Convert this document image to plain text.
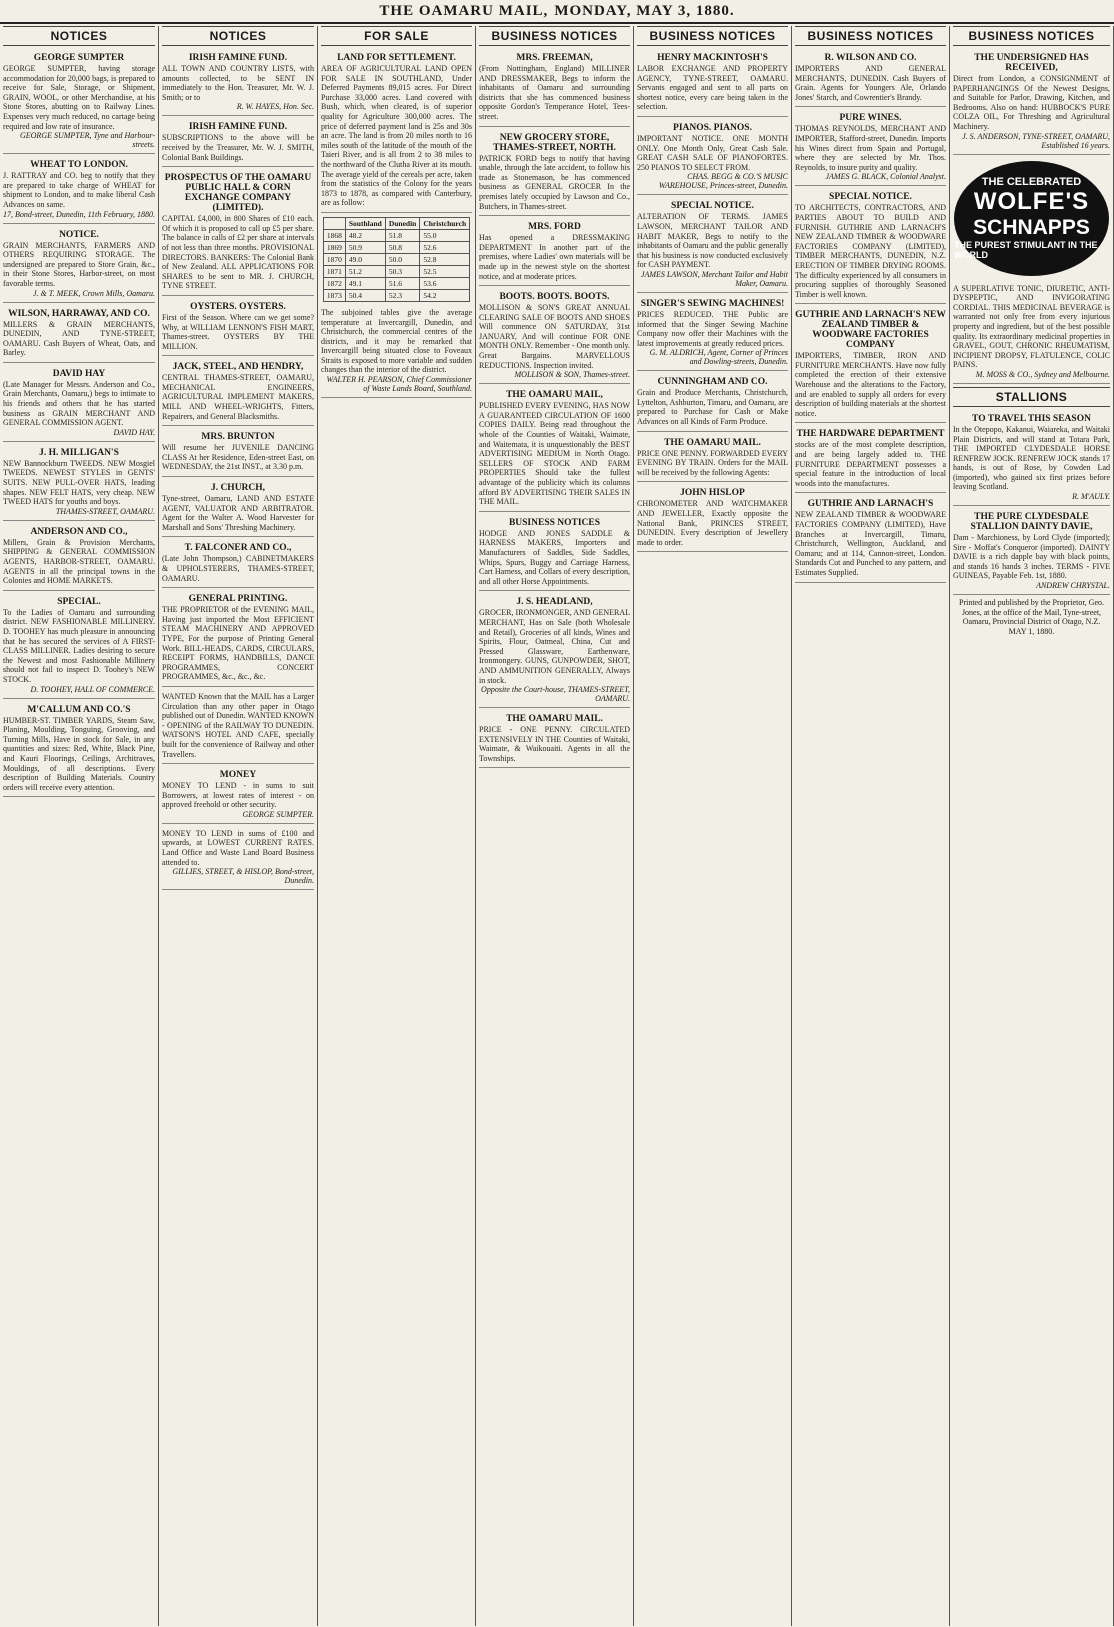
THE OAMARU MAIL, MONDAY, MAY 3, 1880.
NOTICES
GEORGE SUMPTER
GEORGE SUMPTER, having storage accommodation for 20,000 bags, is prepared to receive for Sale, Storage, or Shipment, GRAIN, WOOL, or other Merchandise, at his Stone Stores, abutting on to Railway Lines. Expenses very much reduced, no cartage being required and low rate of insurance.
GEORGE SUMPTER, Tyne and Harbour-streets.
WHEAT TO LONDON.
J. RATTRAY and CO. beg to notify that they are prepared to take charge of WHEAT for shipment to London, and to make liberal Cash Advances on same.
17, Bond-street, Dunedin, 11th February, 1880.
NOTICE.
GRAIN MERCHANTS, FARMERS AND OTHERS REQUIRING STORAGE. The undersigned are prepared to Store Grain, &c., in their Stone Stores, Harbor-street, on most favorable terms.
J. & T. MEEK, Crown Mills, Oamaru.
WILSON, HARRAWAY, AND CO.
MILLERS & GRAIN MERCHANTS, DUNEDIN, AND TYNE-STREET, OAMARU. Cash Buyers of Wheat, Oats, and Barley.
DAVID HAY
(Late Manager for Messrs. Anderson and Co., Grain Merchants, Oamaru,) begs to intimate to his friends and others that he has started business as GRAIN MERCHANT AND GENERAL COMMISSION AGENT.
DAVID HAY.
J. H. MILLIGAN'S
NEW Bannockburn TWEEDS. NEW Mosgiel TWEEDS. NEWEST STYLES in GENTS' SUITS. NEW PULL-OVER HATS, leading shapes. NEW FELT HATS, very cheap. NEW TWEED HATS for youths and boys.
THAMES-STREET, OAMARU.
ANDERSON AND CO.,
Millers, Grain & Provision Merchants, SHIPPING & GENERAL COMMISSION AGENTS, HARBOR-STREET, OAMARU. AGENTS in all the principal towns in the Colonies and HOME MARKETS.
SPECIAL.
To the Ladies of Oamaru and surrounding district. NEW FASHIONABLE MILLINERY. D. TOOHEY has much pleasure in announcing that he has secured the services of A FIRST-CLASS MILLINER. Ladies desiring to secure the Newest and most Fashionable Millinery should not fail to inspect D. Toohey's NEW STOCK.
D. TOOHEY, HALL OF COMMERCE.
M'CALLUM AND CO.'S
HUMBER-ST. TIMBER YARDS, Steam Saw, Planing, Moulding, Tonguing, Grooving, and Turning Mills, Have in stock for Sale, in any quantities and sizes: Red, White, Black Pine, and Kauri Floorings, Ceilings, Architraves, Mouldings, of all descriptions. Every description of Building Materials. Country orders will receive every attention.
NOTICES
IRISH FAMINE FUND.
ALL TOWN AND COUNTRY LISTS, with amounts collected, to be SENT IN immediately to the Hon. Treasurer, Mr. W. J. Smith; or to
R. W. HAYES, Hon. Sec.
IRISH FAMINE FUND.
SUBSCRIPTIONS to the above will be received by the Treasurer, Mr. W. J. SMITH, Colonial Bank Buildings.
PROSPECTUS OF THE OAMARU PUBLIC HALL & CORN EXCHANGE COMPANY (LIMITED).
CAPITAL £4,000, in 800 Shares of £10 each. Of which it is proposed to call up £5 per share. The balance in calls of £2 per share at intervals of not less than three months. PROVISIONAL DIRECTORS. BANKERS: The Colonial Bank of New Zealand. ALL APPLICATIONS FOR SHARES to be sent to MR. J. CHURCH, TYNE STREET.
OYSTERS. OYSTERS.
First of the Season. Where can we get some? Why, at WILLIAM LENNON'S FISH MART, Thames-street. OYSTERS BY THE MILLION.
JACK, STEEL, AND HENDRY,
CENTRAL THAMES-STREET, OAMARU, MECHANICAL ENGINEERS, AGRICULTURAL IMPLEMENT MAKERS, MILL AND WHEEL-WRIGHTS, Fitters, Repairers, and General Blacksmiths.
MRS. BRUNTON
Will resume her JUVENILE DANCING CLASS At her Residence, Eden-street East, on WEDNESDAY, the 21st INST., at 3.30 p.m.
J. CHURCH,
Tyne-street, Oamaru, LAND AND ESTATE AGENT, VALUATOR AND ARBITRATOR. Agent for the Walter A. Wood Harvester for Marshall and Sons' Threshing Machinery.
T. FALCONER AND CO.,
(Late John Thompson,) CABINETMAKERS & UPHOLSTERERS, THAMES-STREET, OAMARU.
GENERAL PRINTING.
THE PROPRIETOR of the EVENING MAIL, Having just imported the Most EFFICIENT STEAM MACHINERY AND APPROVED TYPE, For the purpose of Printing General Work. BILL-HEADS, CARDS, CIRCULARS, RECEIPT FORMS, HANDBILLS, DANCE PROGRAMMES, CONCERT PROGRAMMES, &c., &c., &c.
WANTED Known that the MAIL has a Larger Circulation than any other paper in Otago published out of Dunedin. WANTED KNOWN - OPENING of the RAILWAY TO DUNEDIN. WATSON'S HOTEL AND CAFE, specially built for the convenience of Railway and other Travellers.
MONEY
MONEY TO LEND - in sums to suit Borrowers, at lowest rates of interest - on approved freehold or other security.
GEORGE SUMPTER.
MONEY TO LEND in sums of £100 and upwards, at LOWEST CURRENT RATES. Land Office and Waste Land Board Business attended to.
GILLIES, STREET, & HISLOP, Bond-street, Dunedin.
FOR SALE
LAND FOR SETTLEMENT.
AREA OF AGRICULTURAL LAND OPEN FOR SALE IN SOUTHLAND, Under Deferred Payments 89,015 acres. For Direct Purchase 33,000 acres. Land covered with Bush, which, when cleared, is of superior quality for Agriculture 300,000 acres. The price of deferred payment land is 25s and 30s an acre. The land is from 20 miles north to 16 miles south of the latitude of the mouth of the Taieri River, and is all from 2 to 38 miles to the northward of the Clutha River at its mouth. The average yield of the cereals per acre, taken from the statistics of the Colony for the years 1873 to 1878, as compared with Canterbury, are as follow:
	Southland	Dunedin	Christchurch
1868	48.2	51.8	55.0
1869	50.9	50.8	52.6
1870	49.0	50.0	52.8
1871	51.2	50.3	52.5
1872	49.1	51.6	53.6
1873	50.4	52.3	54.2
The subjoined tables give the average temperature at Invercargill, Dunedin, and Christchurch, the commercial centres of the districts, and it may be remarked that Invercargill being situated close to Foveaux Straits is exposed to more variable and sudden changes than the interior of the district.
WALTER H. PEARSON, Chief Commissioner of Waste Lands Board, Southland.
BUSINESS NOTICES
MRS. FREEMAN,
(From Nottingham, England) MILLINER AND DRESSMAKER, Begs to inform the inhabitants of Oamaru and surrounding districts that she has commenced business opposite Gordon's Temperance Hotel, Tees-street.
NEW GROCERY STORE, THAMES-STREET, NORTH.
PATRICK FORD begs to notify that having unable, through the late accident, to follow his trade as Stonemason, he has commenced business as GENERAL GROCER In the premises lately occupied by Lawson and Co., Butchers, in Thames-street.
MRS. FORD
Has opened a DRESSMAKING DEPARTMENT In another part of the premises, where Ladies' own materials will be made up in the newest style on the shortest notice, and at moderate prices.
BOOTS. BOOTS. BOOTS.
MOLLISON & SON'S GREAT ANNUAL CLEARING SALE OF BOOTS AND SHOES Will commence ON SATURDAY, 31st JANUARY, And will continue FOR ONE MONTH ONLY. Remember - One month only. Great Bargains. MARVELLOUS REDUCTIONS. Inspection invited.
MOLLISON & SON, Thames-street.
THE OAMARU MAIL,
PUBLISHED EVERY EVENING, HAS NOW A GUARANTEED CIRCULATION OF 1600 COPIES DAILY. Being read throughout the whole of the Counties of Waitaki, Waimate, and Waitemata, it is unquestionably the BEST ADVERTISING MEDIUM in North Otago. SELLERS OF STOCK AND FARM PROPERTIES Should take the fullest advantage of the publicity which its columns afford BY ADVERTISING THEIR SALES IN THE MAIL.
BUSINESS NOTICES
HODGE AND JONES SADDLE & HARNESS MAKERS, Importers and Manufacturers of Saddles, Side Saddles, Whips, Spurs, Buggy and Carriage Harness, Cart Harness, and Collars of every description, and all other Horse Appointments.
J. S. HEADLAND,
GROCER, IRONMONGER, AND GENERAL MERCHANT, Has on Sale (both Wholesale and Retail), Groceries of all kinds, Wines and Spirits, Flour, Oatmeal, China, Cut and Pressed Glassware, Earthenware, Ironmongery. GUNS, GUNPOWDER, SHOT, AND AMMUNITION GENERALLY, Always in stock.
Opposite the Court-house, THAMES-STREET, OAMARU.
THE OAMARU MAIL.
PRICE - ONE PENNY. CIRCULATED EXTENSIVELY IN THE Counties of Waitaki, Waimate, & Waikouaiti. Agents in all the Townships.
BUSINESS NOTICES
HENRY MACKINTOSH'S
LABOR EXCHANGE AND PROPERTY AGENCY, TYNE-STREET, OAMARU. Servants engaged and sent to all parts on shortest notice, every care being taken in the selection.
PIANOS. PIANOS.
IMPORTANT NOTICE. ONE MONTH ONLY. One Month Only, Great Cash Sale. GREAT CASH SALE OF PIANOFORTES. 250 PIANOS TO SELECT FROM.
CHAS. BEGG & CO.'S MUSIC WAREHOUSE, Princes-street, Dunedin.
SPECIAL NOTICE.
ALTERATION OF TERMS. JAMES LAWSON, MERCHANT TAILOR AND HABIT MAKER, Begs to notify to the inhabitants of Oamaru and the public generally that his business is now conducted exclusively for CASH PAYMENT.
JAMES LAWSON, Merchant Tailor and Habit Maker, Oamaru.
SINGER'S SEWING MACHINES!
PRICES REDUCED. THE Public are informed that the Singer Sewing Machine Company now offer their Machines with the latest improvements at greatly reduced prices.
G. M. ALDRICH, Agent, Corner of Princes and Dowling-streets, Dunedin.
CUNNINGHAM AND CO.
Grain and Produce Merchants, Christchurch, Lyttelton, Ashburton, Timaru, and Oamaru, are prepared to Purchase for Cash or Make Advances on all Kinds of Farm Produce.
THE OAMARU MAIL.
PRICE ONE PENNY. FORWARDED EVERY EVENING BY TRAIN. Orders for the MAIL will be received by the following Agents:
JOHN HISLOP
CHRONOMETER AND WATCHMAKER AND JEWELLER, Exactly opposite the National Bank, PRINCES STREET, DUNEDIN. Every description of Jewellery made to order.
BUSINESS NOTICES
R. WILSON AND CO.
IMPORTERS AND GENERAL MERCHANTS, DUNEDIN. Cash Buyers of Grain. Agents for Youngers Ale, Orlando Jones' Starch, and Cowrentier's Brandy.
PURE WINES.
THOMAS REYNOLDS, MERCHANT AND IMPORTER, Stafford-street, Dunedin. Imports his Wines direct from Spain and Portugal, where they are selected by Mr. Thos. Reynolds, to insure purity and quality.
JAMES G. BLACK, Colonial Analyst.
SPECIAL NOTICE.
TO ARCHITECTS, CONTRACTORS, AND PARTIES ABOUT TO BUILD AND FURNISH. GUTHRIE AND LARNACH'S NEW ZEALAND TIMBER & WOODWARE FACTORIES COMPANY (LIMITED), TIMBER MERCHANTS, DUNEDIN, N.Z. ERECTION OF TIMBER DRYING ROOMS. The difficulty experienced by all consumers in procuring supplies of thoroughly Seasoned Timber is well known.
GUTHRIE AND LARNACH'S NEW ZEALAND TIMBER & WOODWARE FACTORIES COMPANY
IMPORTERS, TIMBER, IRON AND FURNITURE MERCHANTS. Have now fully completed the erection of their extensive Warehouse and the alterations to the Factory, and are enabled to supply all orders for every description of building materials at the shortest notice.
THE HARDWARE DEPARTMENT
stocks are of the most complete description, and are being largely added to. THE FURNITURE DEPARTMENT possesses a special feature in the introduction of local woods into the manufactures.
GUTHRIE AND LARNACH'S
NEW ZEALAND TIMBER & WOODWARE FACTORIES COMPANY (LIMITED), Have Branches at Invercargill, Timaru, Christchurch, Wellington, Auckland, and Oamaru; and at 114, Cannon-street, London. Standards Cut and Punched to any pattern, and Estimates Supplied.
BUSINESS NOTICES
THE UNDERSIGNED HAS RECEIVED,
Direct from London, a CONSIGNMENT of PAPERHANGINGS Of the Newest Designs, and Suitable for Parlor, Drawing, Kitchen, and Bedrooms. Also on hand: HUBBOCK'S PURE COLZA OIL, For Threshing and Agricultural Machinery.
J. S. ANDERSON, TYNE-STREET, OAMARU, Established 16 years.
THE CELEBRATED
WOLFE'S
SCHNAPPS
THE PUREST STIMULANT IN THE WORLD
A SUPERLATIVE TONIC, DIURETIC, ANTI-DYSPEPTIC, AND INVIGORATING CORDIAL. THIS MEDICINAL BEVERAGE is warranted not only free from every injurious property and ingredient, but of the best possible quality. Its extraordinary medicinal properties in GRAVEL, GOUT, CHRONIC RHEUMATISM, INCIPIENT DROPSY, FLATULENCE, COLIC PAINS.
M. MOSS & CO., Sydney and Melbourne.
STALLIONS
TO TRAVEL THIS SEASON
In the Otepopo, Kakanui, Waiareka, and Waitaki Plain Districts, and will stand at Totara Park, THE IMPORTED CLYDESDALE HORSE RENFREW JOCK. RENFREW JOCK stands 17 hands, is out of Rose, by Cowden Lad (imported), who gained six first prizes before leaving Scotland.
R. M'AULY.
THE PURE CLYDESDALE STALLION DAINTY DAVIE,
Dam - Marchioness, by Lord Clyde (imported); Sire - Moffat's Conqueror (imported). DAINTY DAVIE is a rich dapple bay with black points, and stands 16 hands 3 inches. TERMS - FIVE GUINEAS, Payable Feb. 1st, 1880.
ANDREW CHRYSTAL.
Printed and published by the Proprietor, Geo. Jones, at the office of the Mail, Tyne-street, Oamaru, Provincial District of Otago, N.Z.
MAY 1, 1880.
